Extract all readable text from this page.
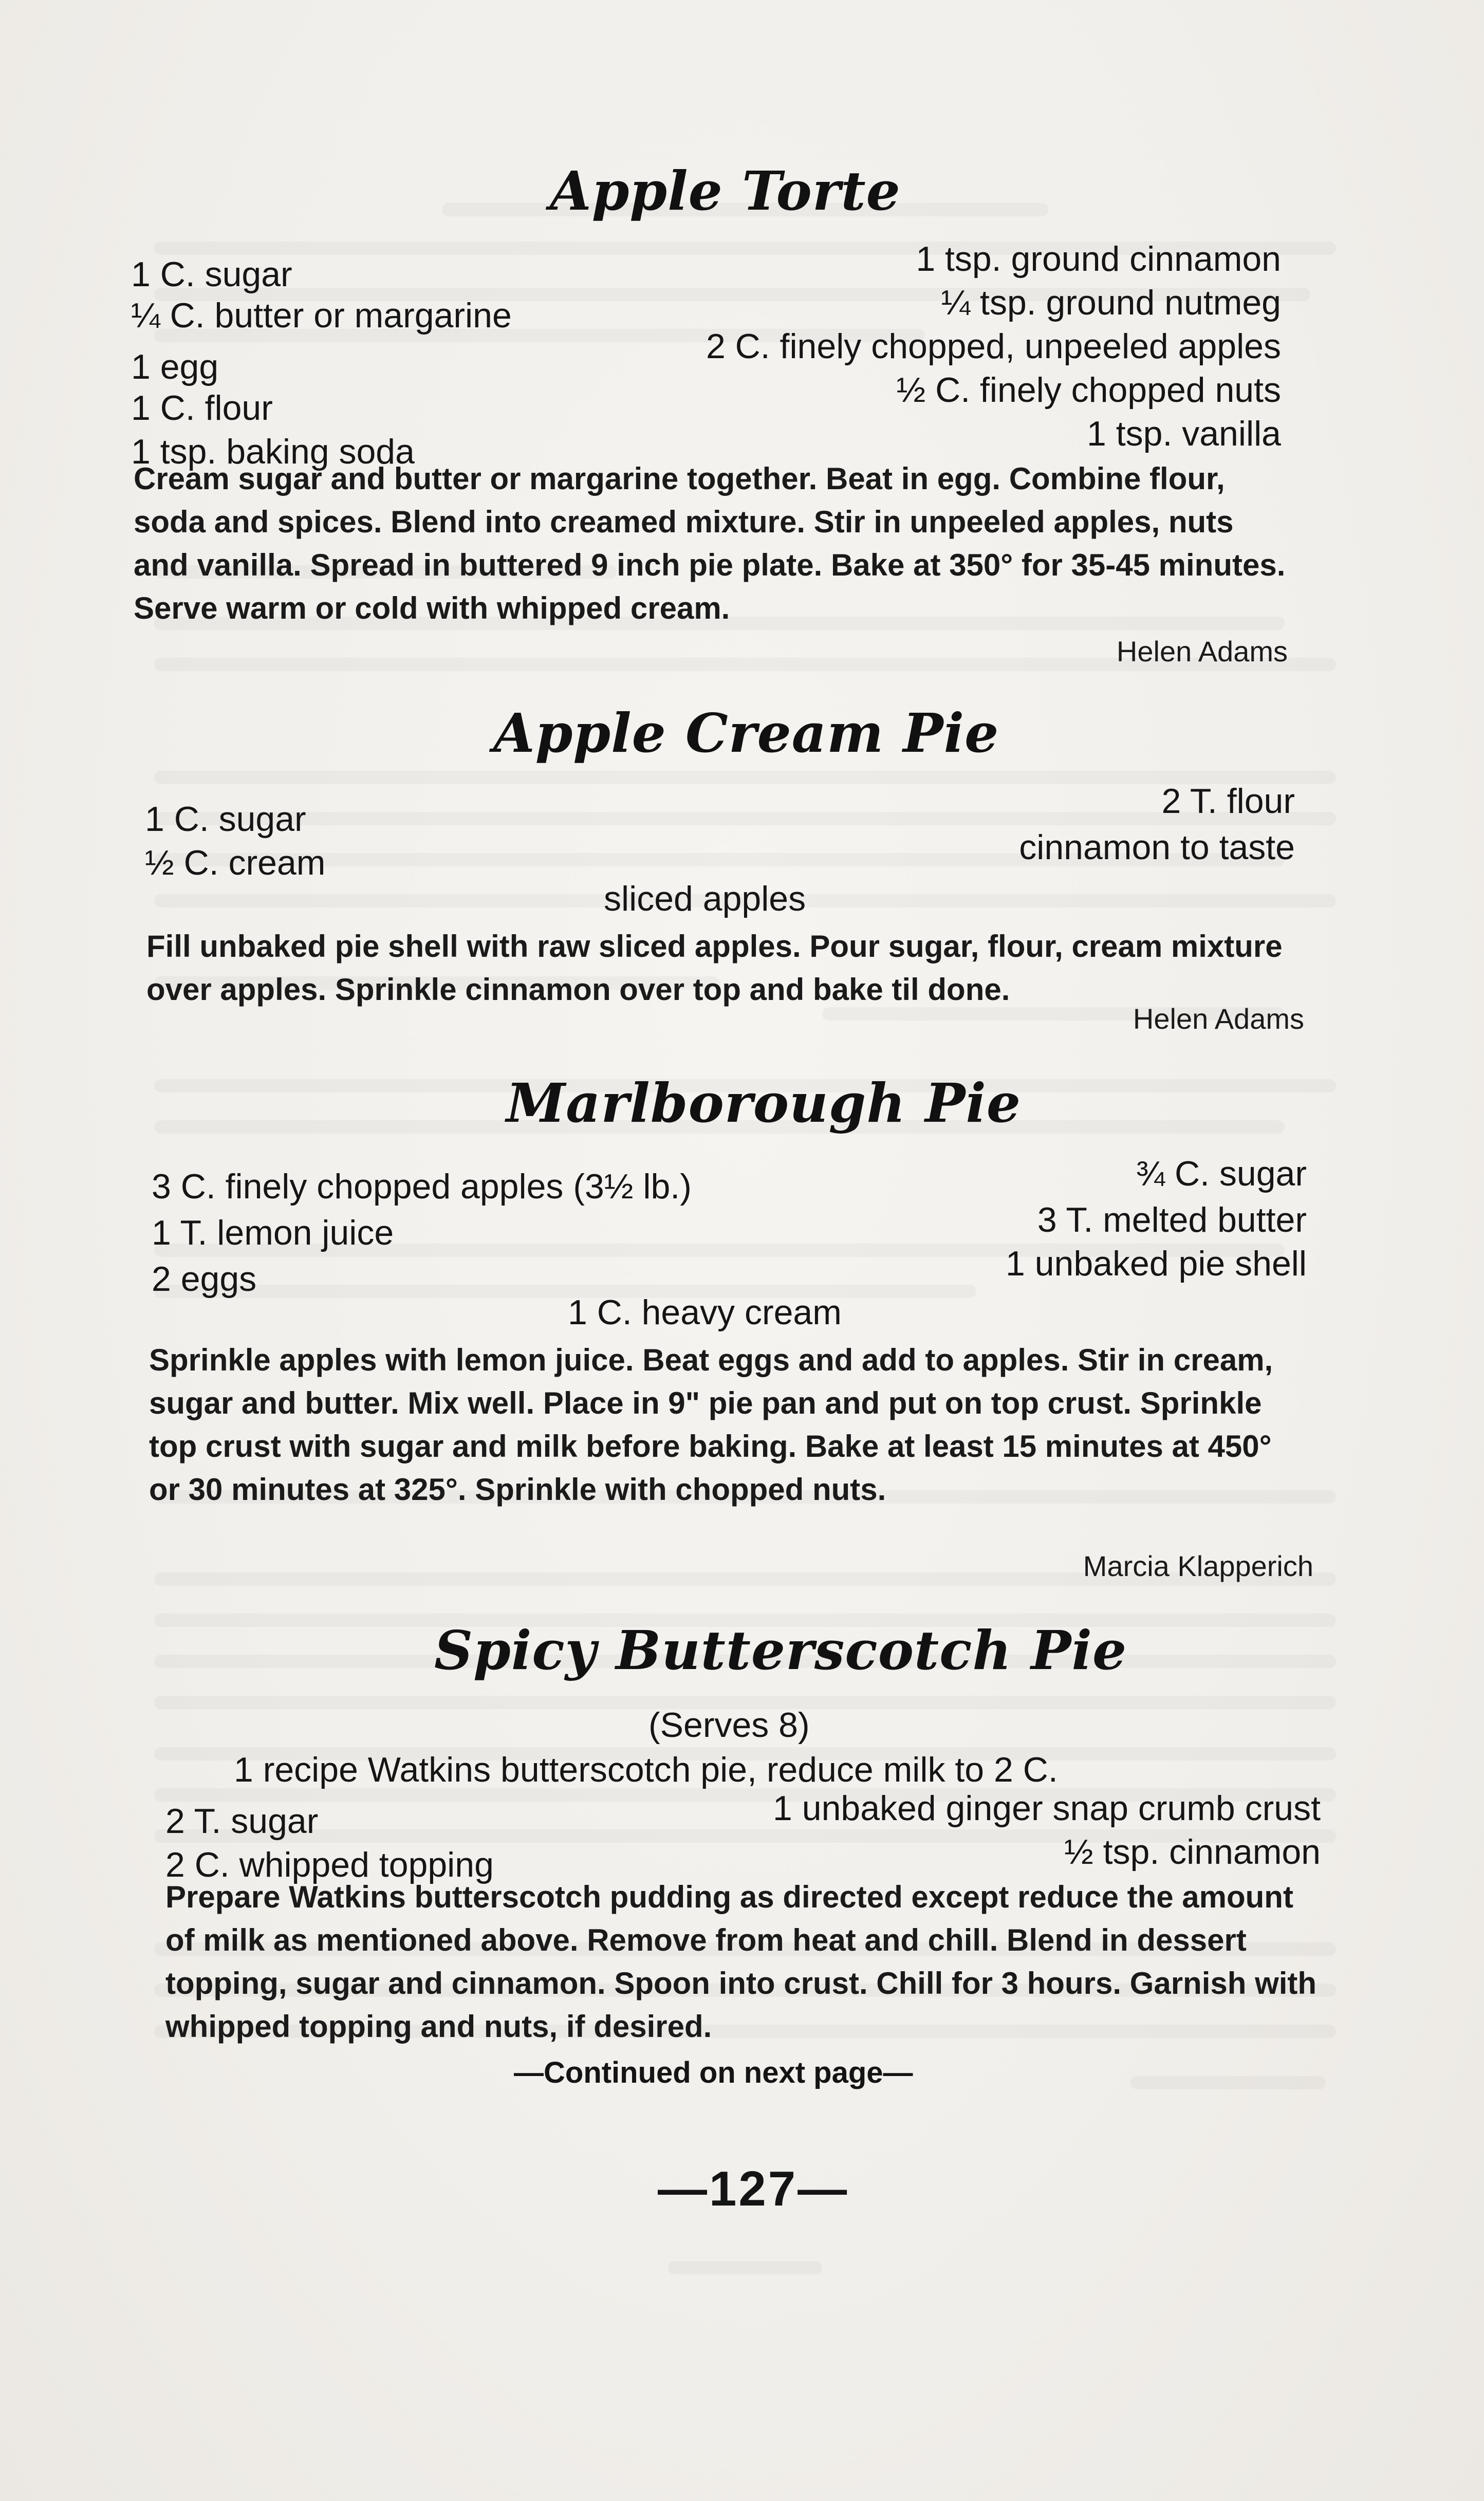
Apple Torte
1 C. sugar
¼ C. butter or margarine
1 egg
1 C. flour
1 tsp. baking soda
1 tsp. ground cinnamon
¼ tsp. ground nutmeg
2 C. finely chopped, unpeeled apples
½ C. finely chopped nuts
1 tsp. vanilla

Cream sugar and butter or margarine together. Beat in egg. Combine flour, soda and spices. Blend into creamed mixture. Stir in unpeeled apples, nuts and vanilla. Spread in buttered 9 inch pie plate. Bake at 350° for 35-45 minutes. Serve warm or cold with whipped cream.

Helen Adams
Apple Cream Pie
1 C. sugar
½ C. cream
2 T. flour
cinnamon to taste
sliced apples

Fill unbaked pie shell with raw sliced apples. Pour sugar, flour, cream mixture over apples. Sprinkle cinnamon over top and bake til done.

Helen Adams
Marlborough Pie
3 C. finely chopped apples (3½ lb.)
1 T. lemon juice
2 eggs
¾ C. sugar
3 T. melted butter
1 unbaked pie shell
1 C. heavy cream

Sprinkle apples with lemon juice. Beat eggs and add to apples. Stir in cream, sugar and butter. Mix well. Place in 9" pie pan and put on top crust. Sprinkle top crust with sugar and milk before baking. Bake at least 15 minutes at 450° or 30 minutes at 325°. Sprinkle with chopped nuts.

Marcia Klapperich
Spicy Butterscotch Pie
(Serves 8)
1 recipe Watkins butterscotch pie, reduce milk to 2 C.
2 T. sugar
2 C. whipped topping
1 unbaked ginger snap crumb crust
½ tsp. cinnamon

Prepare Watkins butterscotch pudding as directed except reduce the amount of milk as mentioned above. Remove from heat and chill. Blend in dessert topping, sugar and cinnamon. Spoon into crust. Chill for 3 hours. Garnish with whipped topping and nuts, if desired.

—Continued on next page—
—127—
